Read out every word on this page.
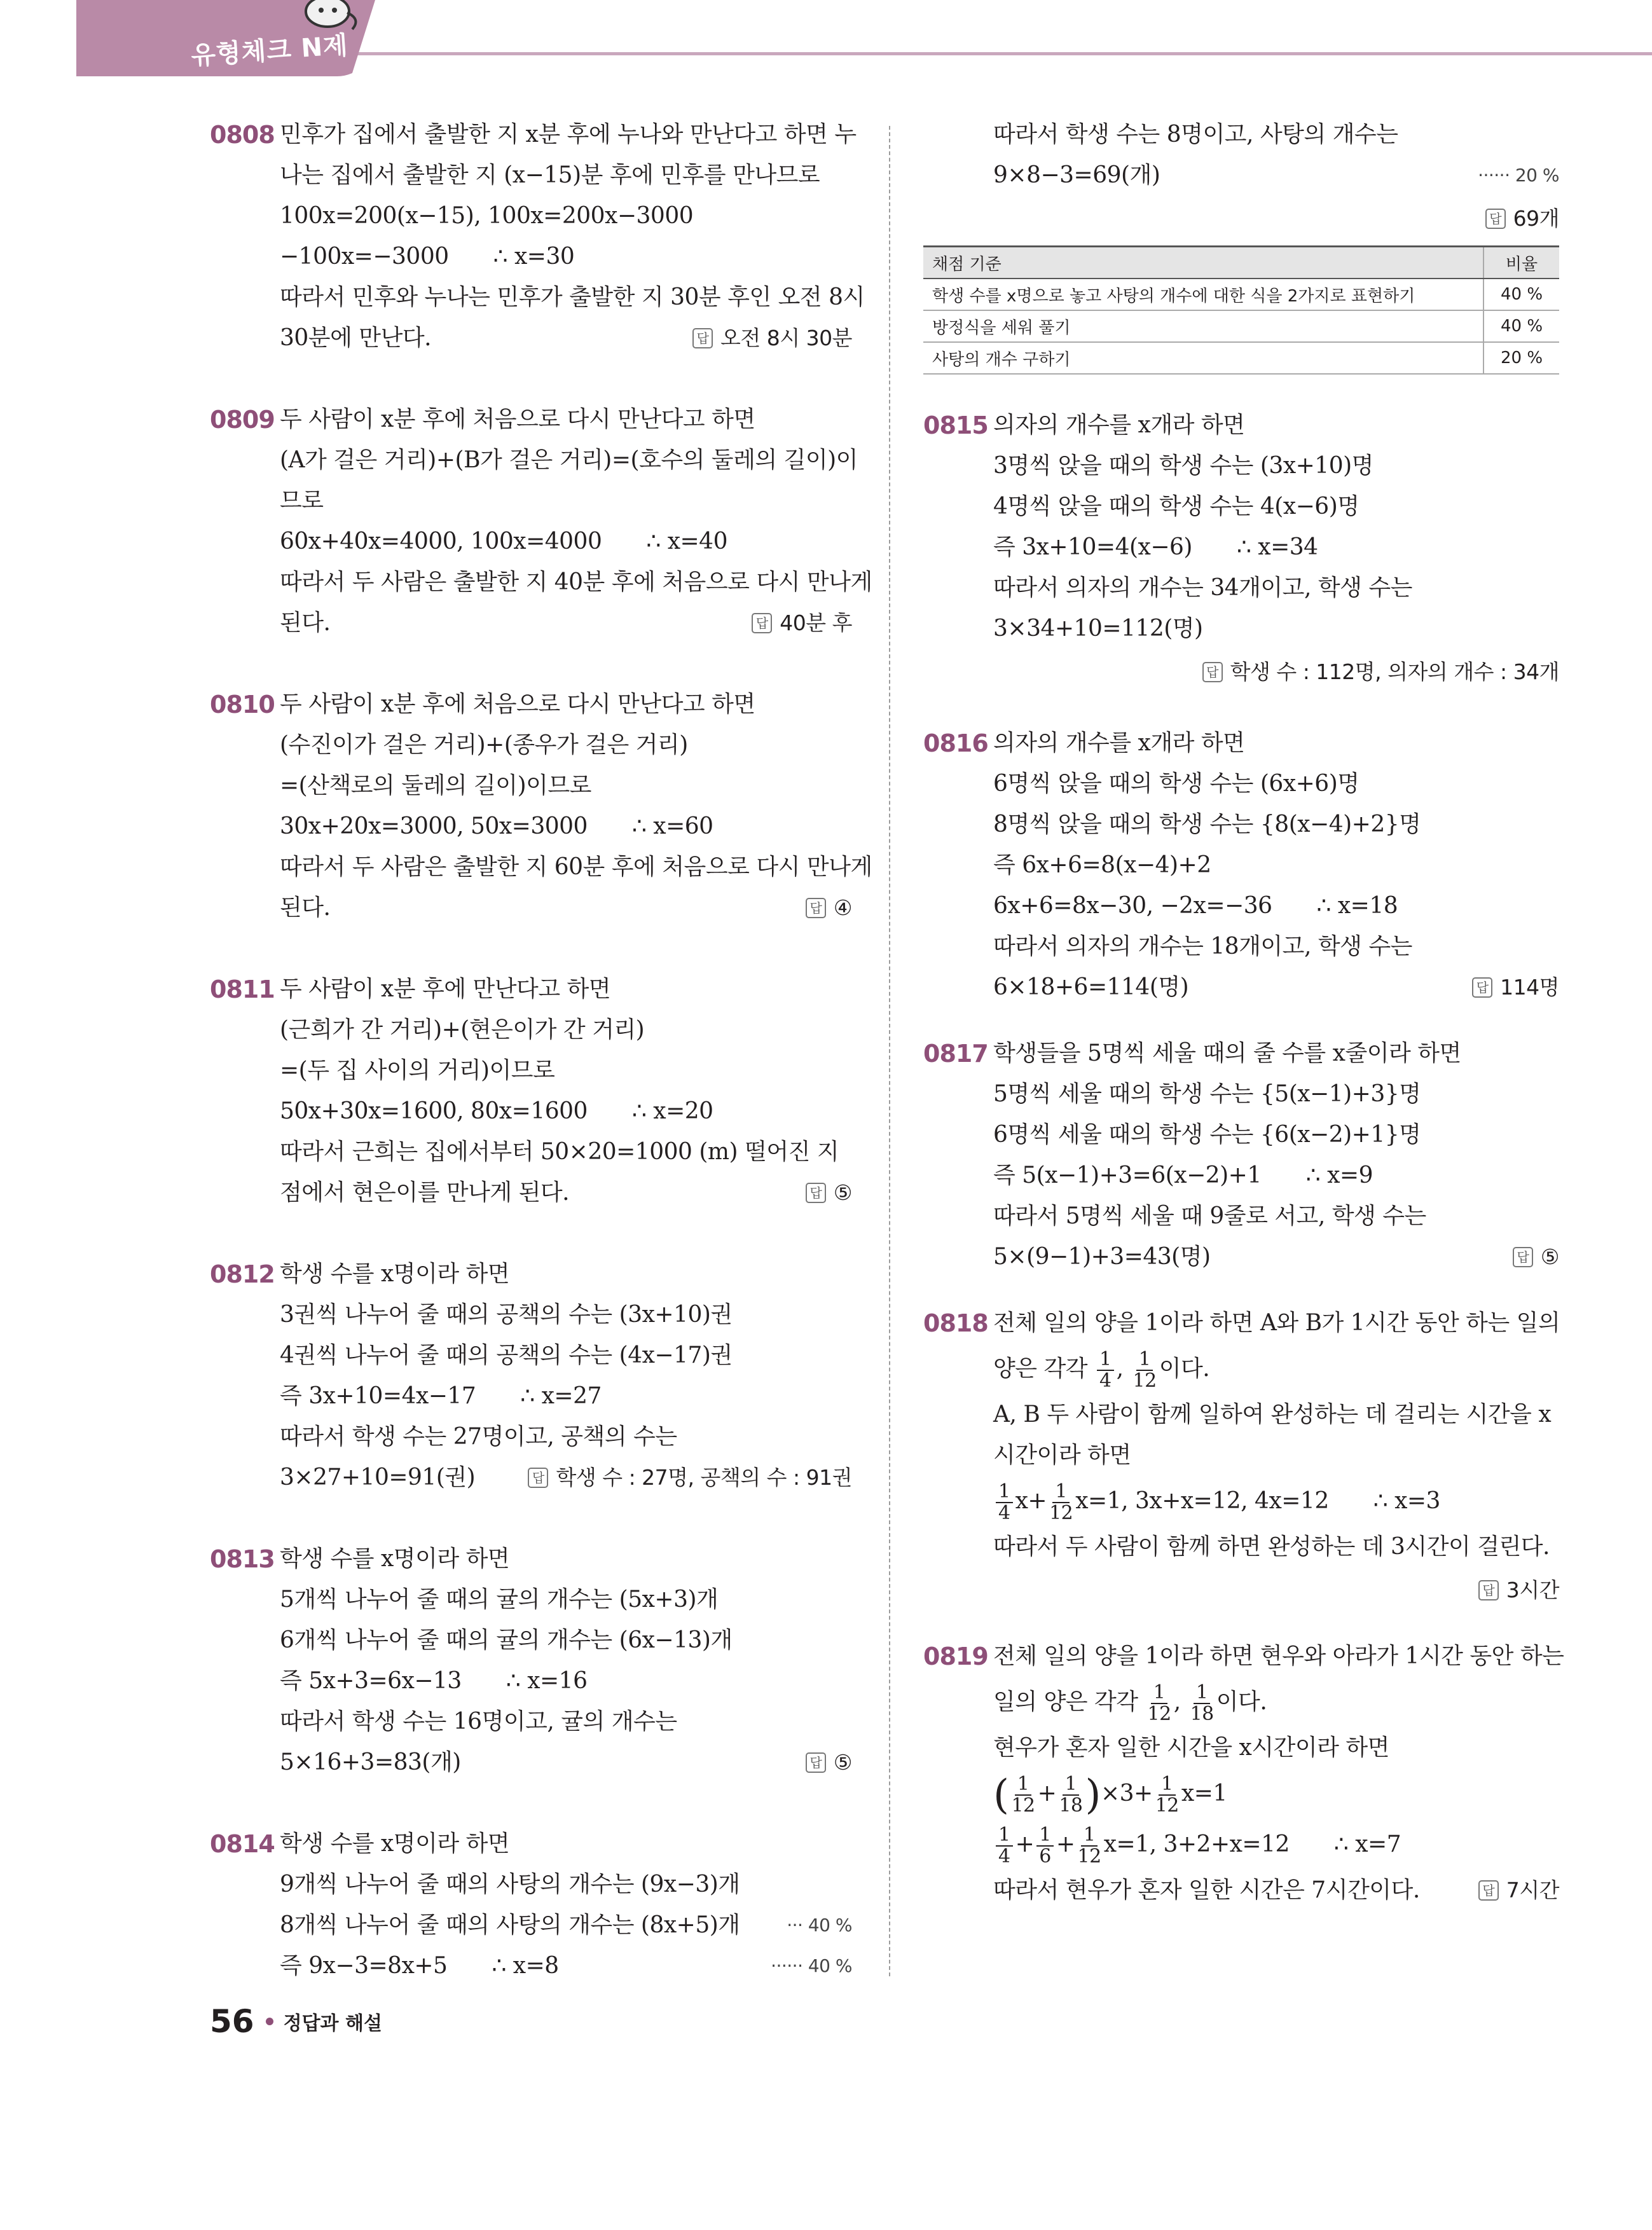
유형체크 N제
0808 민후가 집에서 출발한 지 x분 후에 누나와 만난다고 하면 누
나는 집에서 출발한 지 (x−15)분 후에 민후를 만나므로
100x=200(x−15), 100x=200x−3000
−100x=−3000 ∴ x=30
따라서 민후와 누나는 민후가 출발한 지 30분 후인 오전 8시
30분에 만난다.	답 오전 8시 30분
0809 두 사람이 x분 후에 처음으로 다시 만난다고 하면
(A가 걸은 거리)+(B가 걸은 거리)=(호수의 둘레의 길이)이
므로
60x+40x=4000, 100x=4000 ∴ x=40
따라서 두 사람은 출발한 지 40분 후에 처음으로 다시 만나게
된다.	답 40분 후
0810 두 사람이 x분 후에 처음으로 다시 만난다고 하면
(수진이가 걸은 거리)+(종우가 걸은 거리)
=(산책로의 둘레의 길이)이므로
30x+20x=3000, 50x=3000 ∴ x=60
따라서 두 사람은 출발한 지 60분 후에 처음으로 다시 만나게
된다.	답 ④
0811 두 사람이 x분 후에 만난다고 하면
(근희가 간 거리)+(현은이가 간 거리)
=(두 집 사이의 거리)이므로
50x+30x=1600, 80x=1600 ∴ x=20
따라서 근희는 집에서부터 50×20=1000 (m) 떨어진 지
점에서 현은이를 만나게 된다.	답 ⑤
0812 학생 수를 x명이라 하면
3권씩 나누어 줄 때의 공책의 수는 (3x+10)권
4권씩 나누어 줄 때의 공책의 수는 (4x−17)권
즉 3x+10=4x−17 ∴ x=27
따라서 학생 수는 27명이고, 공책의 수는
3×27+10=91(권)	답 학생 수 : 27명, 공책의 수 : 91권
0813 학생 수를 x명이라 하면
5개씩 나누어 줄 때의 귤의 개수는 (5x+3)개
6개씩 나누어 줄 때의 귤의 개수는 (6x−13)개
즉 5x+3=6x−13 ∴ x=16
따라서 학생 수는 16명이고, 귤의 개수는
5×16+3=83(개)	답 ⑤
0814 학생 수를 x명이라 하면
9개씩 나누어 줄 때의 사탕의 개수는 (9x−3)개
8개씩 나누어 줄 때의 사탕의 개수는 (8x+5)개	··· 40 %
즉 9x−3=8x+5 ∴ x=8	······ 40 %
따라서 학생 수는 8명이고, 사탕의 개수는
9×8−3=69(개)	······ 20 %
답 69개
채점 기준	비율
학생 수를 x명으로 놓고 사탕의 개수에 대한 식을 2가지로 표현하기	40 %
방정식을 세워 풀기	40 %
사탕의 개수 구하기	20 %
0815 의자의 개수를 x개라 하면
3명씩 앉을 때의 학생 수는 (3x+10)명
4명씩 앉을 때의 학생 수는 4(x−6)명
즉 3x+10=4(x−6) ∴ x=34
따라서 의자의 개수는 34개이고, 학생 수는
3×34+10=112(명)
답 학생 수 : 112명, 의자의 개수 : 34개
0816 의자의 개수를 x개라 하면
6명씩 앉을 때의 학생 수는 (6x+6)명
8명씩 앉을 때의 학생 수는 {8(x−4)+2}명
즉 6x+6=8(x−4)+2
6x+6=8x−30, −2x=−36 ∴ x=18
따라서 의자의 개수는 18개이고, 학생 수는
6×18+6=114(명)	답 114명
0817 학생들을 5명씩 세울 때의 줄 수를 x줄이라 하면
5명씩 세울 때의 학생 수는 {5(x−1)+3}명
6명씩 세울 때의 학생 수는 {6(x−2)+1}명
즉 5(x−1)+3=6(x−2)+1 ∴ x=9
따라서 5명씩 세울 때 9줄로 서고, 학생 수는
5×(9−1)+3=43(명)	답 ⑤
0818 전체 일의 양을 1이라 하면 A와 B가 1시간 동안 하는 일의
양은 각각 $\frac{1}{4}$ , $\frac{1}{12}$ 이다.
A, B 두 사람이 함께 일하여 완성하는 데 걸리는 시간을 x
시간이라 하면
$\frac{1}{4} x+ \frac{1}{12} x=1$, 3x+x=12, 4x=12 ∴ x=3
따라서 두 사람이 함께 하면 완성하는 데 3시간이 걸린다.
답 3시간
0819 전체 일의 양을 1이라 하면 현우와 아라가 1시간 동안 하는
일의 양은 각각 $\frac{1}{12}$ , $\frac{1}{18}$ 이다.
현우가 혼자 일한 시간을 x시간이라 하면
( $\frac{1}{12} + \frac{1}{18} )\times 3+ \frac{1}{12} x=1$
$\frac{1}{4} + \frac{1}{6} + \frac{1}{12} x=1$, 3+2+x=12 ∴ x=7
따라서 현우가 혼자 일한 시간은 7시간이다.	답 7시간
56 정답과 해설
